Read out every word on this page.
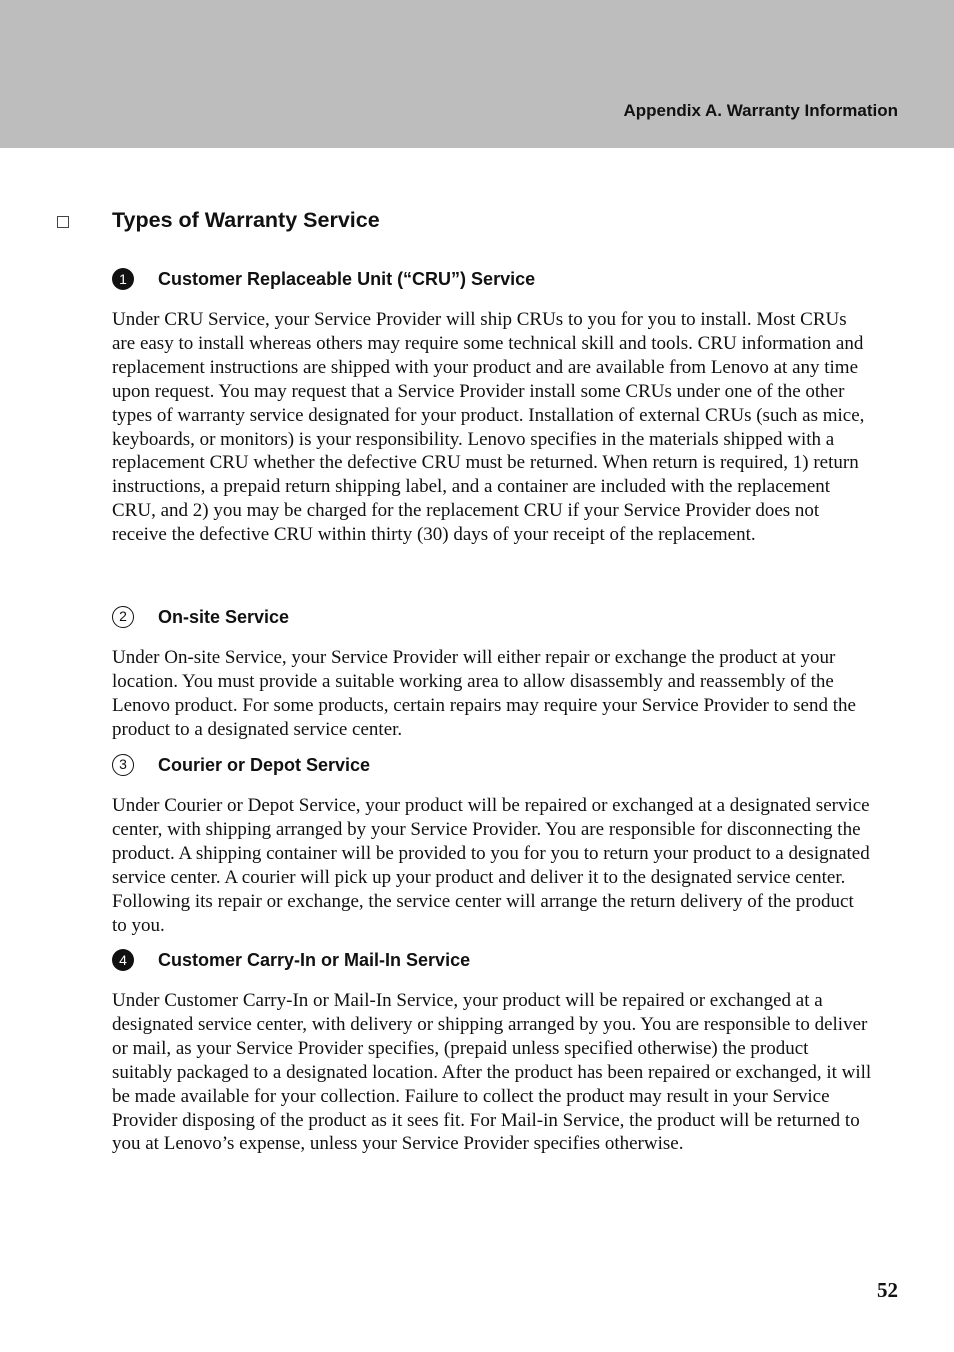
Appendix A. Warranty Information
Types of Warranty Service
1	Customer Replaceable Unit (“CRU”) Service

Under CRU Service, your Service Provider will ship CRUs to you for you to install. Most CRUs are easy to install whereas others may require some technical skill and tools. CRU information and replacement instructions are shipped with your product and are available from Lenovo at any time upon request. You may request that a Service Provider install some CRUs under one of the other types of warranty service designated for your product. Installation of external CRUs (such as mice, keyboards, or monitors) is your responsibility. Lenovo specifies in the materials shipped with a replacement CRU whether the defective CRU must be returned. When return is required, 1) return instructions, a prepaid return shipping label, and a container are included with the replacement CRU, and 2) you may be charged for the replacement CRU if your Service Provider does not receive the defective CRU within thirty (30) days of your receipt of the replacement.

2	On-site Service

Under On-site Service, your Service Provider will either repair or exchange the product at your location. You must provide a suitable working area to allow disassembly and reassembly of the Lenovo product. For some products, certain repairs may require your Service Provider to send the product to a designated service center.

3	Courier or Depot Service

Under Courier or Depot Service, your product will be repaired or exchanged at a designated service center, with shipping arranged by your Service Provider. You are responsible for disconnecting the product. A shipping container will be provided to you for you to return your product to a designated service center. A courier will pick up your product and deliver it to the designated service center. Following its repair or exchange, the service center will arrange the return delivery of the product to you.

4	Customer Carry-In or Mail-In Service

Under Customer Carry-In or Mail-In Service, your product will be repaired or exchanged at a designated service center, with delivery or shipping arranged by you. You are responsible to deliver or mail, as your Service Provider specifies, (prepaid unless specified otherwise) the product suitably packaged to a designated location. After the product has been repaired or exchanged, it will be made available for your collection. Failure to collect the product may result in your Service Provider disposing of the product as it sees fit. For Mail-in Service, the product will be returned to you at Lenovo’s expense, unless your Service Provider specifies otherwise.

52
